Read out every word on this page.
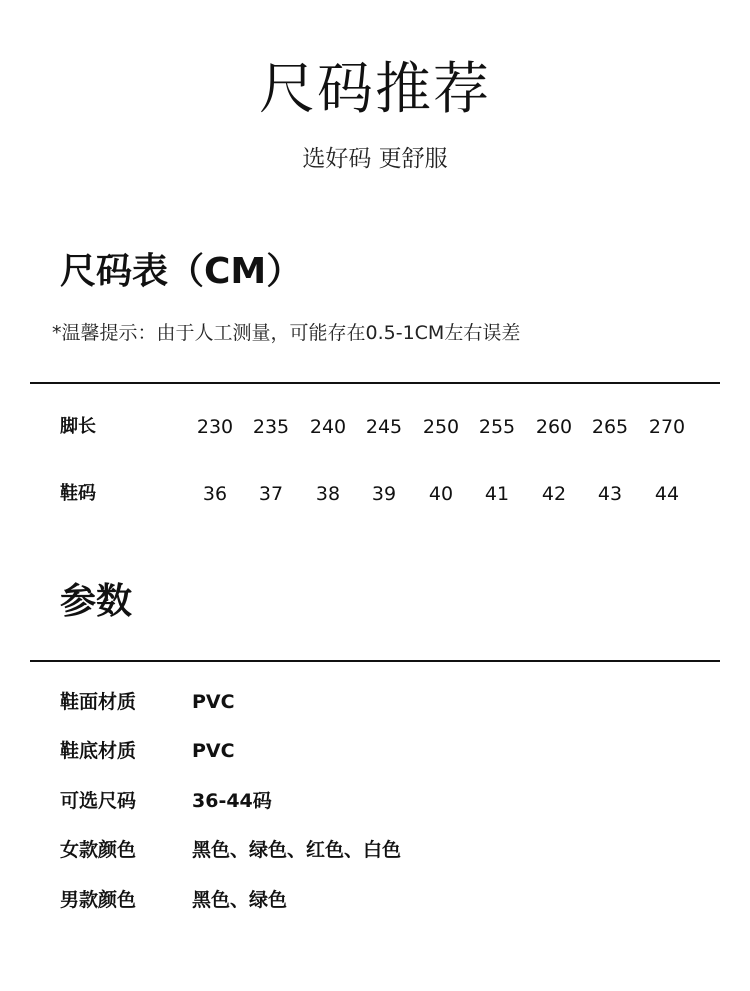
尺码推荐
选好码 更舒服
尺码表（CM）
*温馨提示：由于人工测量，可能存在0.5-1CM左右误差
脚长	230	235	240	245	250	255	260	265	270
鞋码	36	37	38	39	40	41	42	43	44
参数
鞋面材质	PVC
鞋底材质	PVC
可选尺码	36-44码
女款颜色	黑色、绿色、红色、白色
男款颜色	黑色、绿色
